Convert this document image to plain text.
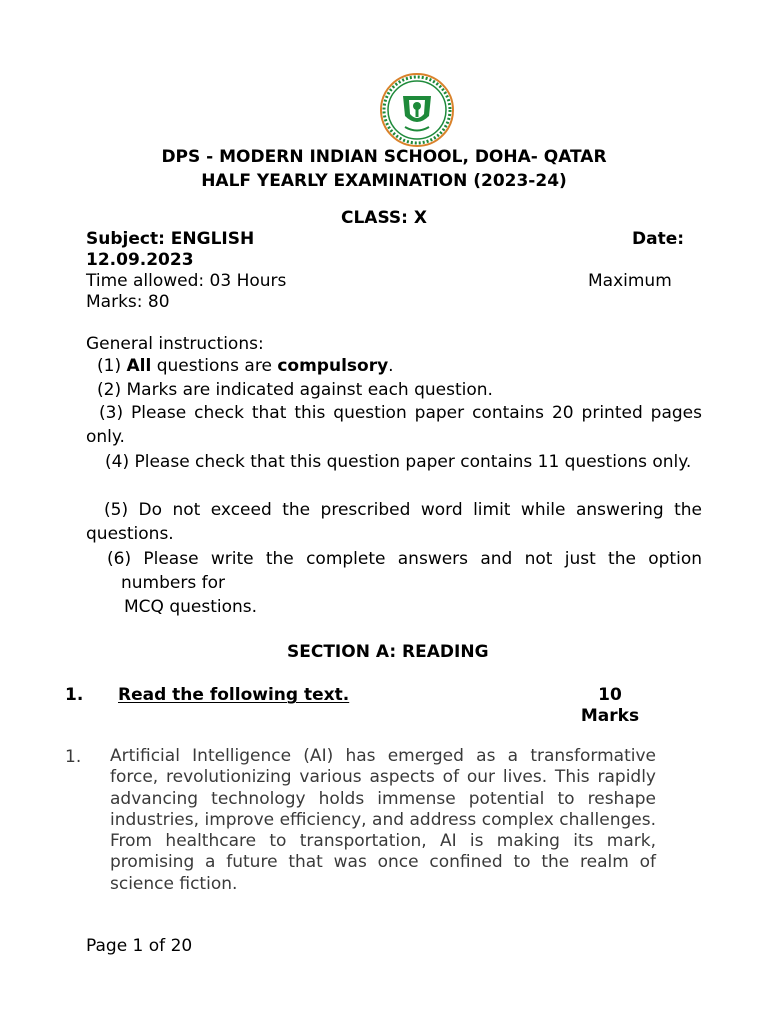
DPS - MODERN INDIAN SCHOOL, DOHA- QATAR
HALF YEARLY EXAMINATION (2023-24)
CLASS: X
Subject: ENGLISH	Date:
12.09.2023
Time allowed: 03 Hours	Maximum
Marks: 80
General instructions:
(1) All questions are compulsory.
(2) Marks are indicated against each question.
(3) Please check that this question paper contains 20 printed pages only.
(4) Please check that this question paper contains 11 questions only.
(5) Do not exceed the prescribed word limit while answering the questions.
(6) Please write the complete answers and not just the option numbers for
MCQ questions.
SECTION A: READING
1. Read the following text.	10
Marks
1. Artificial Intelligence (AI) has emerged as a transformative force, revolutionizing various aspects of our lives. This rapidly advancing technology holds immense potential to reshape industries, improve efficiency, and address complex challenges. From healthcare to transportation, AI is making its mark, promising a future that was once confined to the realm of science fiction.
Page 1 of 20
